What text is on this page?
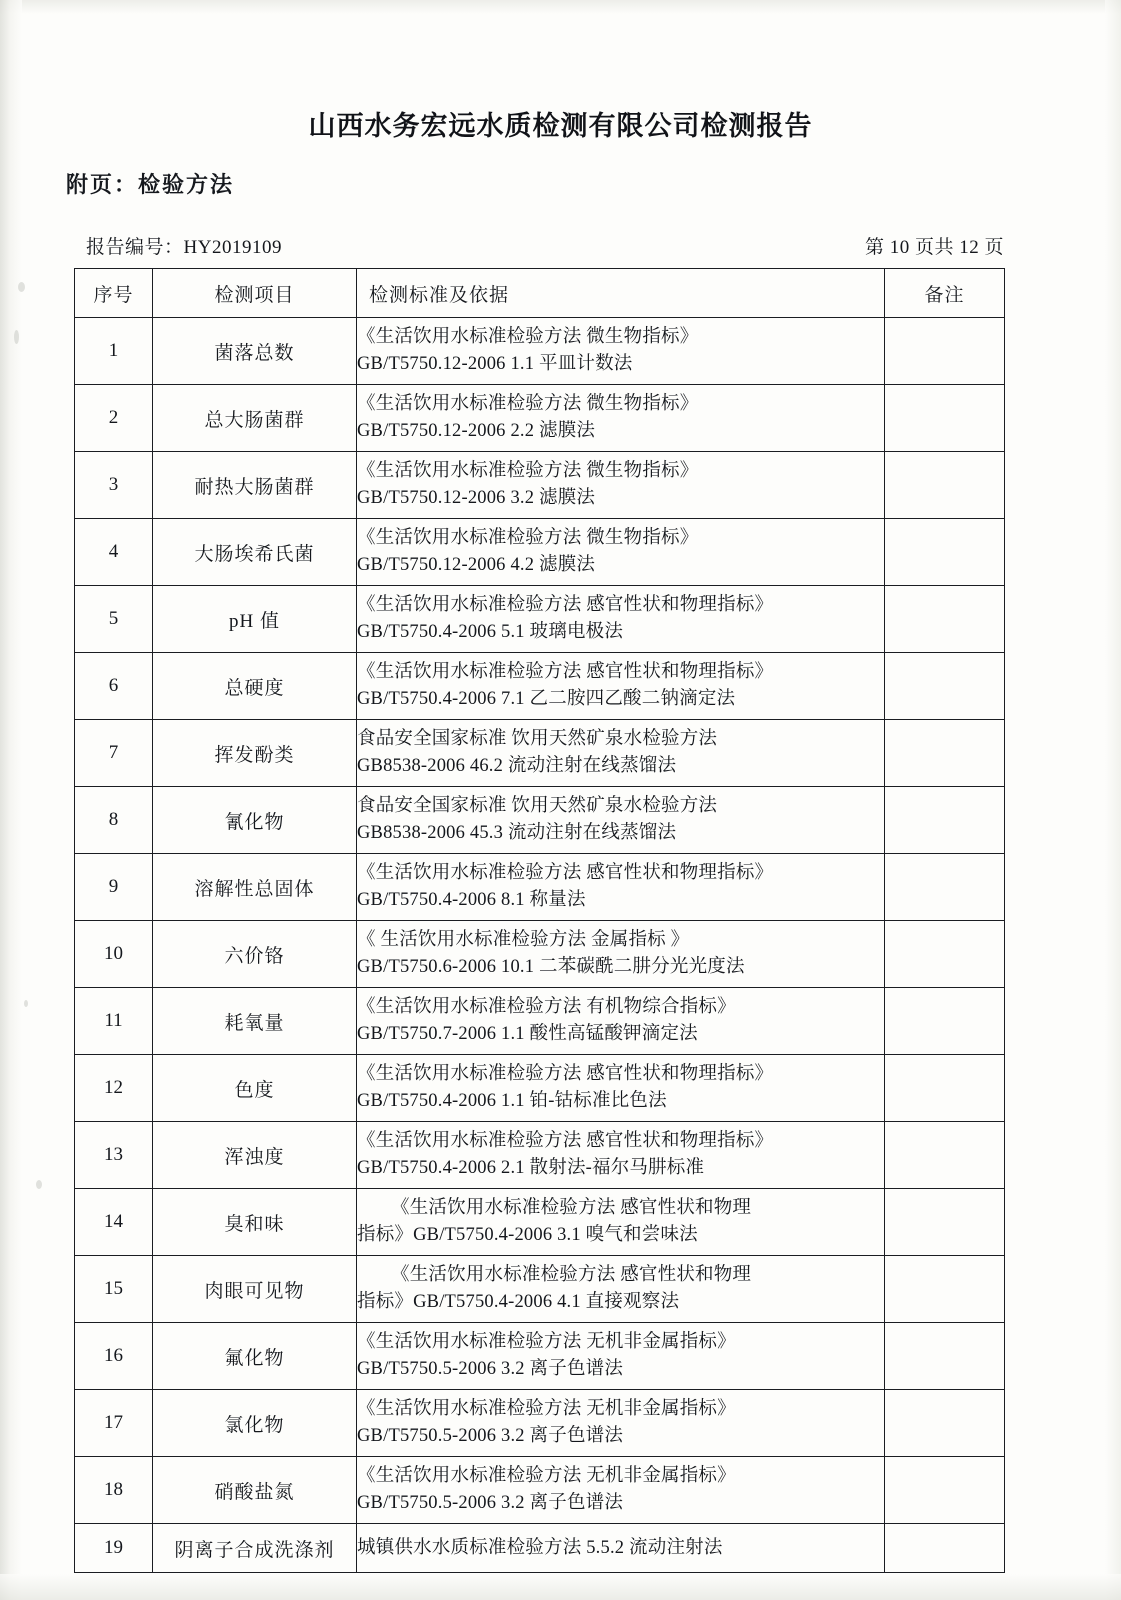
山西水务宏远水质检测有限公司检测报告
附页：检验方法
报告编号：HY2019109	第 10 页共 12 页
序号	检测项目	检测标准及依据	备注
1	菌落总数	《生活饮用水标准检验方法 微生物指标》
GB/T5750.12-2006 1.1 平皿计数法	

2	总大肠菌群	《生活饮用水标准检验方法 微生物指标》
GB/T5750.12-2006 2.2 滤膜法	

3	耐热大肠菌群	《生活饮用水标准检验方法 微生物指标》
GB/T5750.12-2006 3.2 滤膜法	

4	大肠埃希氏菌	《生活饮用水标准检验方法 微生物指标》
GB/T5750.12-2006 4.2 滤膜法	

5	pH 值	《生活饮用水标准检验方法 感官性状和物理指标》
GB/T5750.4-2006 5.1 玻璃电极法	

6	总硬度	《生活饮用水标准检验方法 感官性状和物理指标》
GB/T5750.4-2006 7.1 乙二胺四乙酸二钠滴定法	

7	挥发酚类	食品安全国家标准 饮用天然矿泉水检验方法
GB8538-2006 46.2 流动注射在线蒸馏法	

8	氰化物	食品安全国家标准 饮用天然矿泉水检验方法
GB8538-2006 45.3 流动注射在线蒸馏法	

9	溶解性总固体	《生活饮用水标准检验方法 感官性状和物理指标》
GB/T5750.4-2006 8.1 称量法	

10	六价铬	《 生活饮用水标准检验方法 金属指标 》
GB/T5750.6-2006 10.1 二苯碳酰二肼分光光度法	

11	耗氧量	《生活饮用水标准检验方法 有机物综合指标》
GB/T5750.7-2006 1.1 酸性高锰酸钾滴定法	

12	色度	《生活饮用水标准检验方法 感官性状和物理指标》
GB/T5750.4-2006 1.1 铂-钴标准比色法	

13	浑浊度	《生活饮用水标准检验方法 感官性状和物理指标》
GB/T5750.4-2006 2.1 散射法-福尔马肼标准	

14	臭和味	《生活饮用水标准检验方法 感官性状和物理
指标》GB/T5750.4-2006 3.1 嗅气和尝味法	

15	肉眼可见物	《生活饮用水标准检验方法 感官性状和物理
指标》GB/T5750.4-2006 4.1 直接观察法	

16	氟化物	《生活饮用水标准检验方法 无机非金属指标》
GB/T5750.5-2006 3.2 离子色谱法	

17	氯化物	《生活饮用水标准检验方法 无机非金属指标》
GB/T5750.5-2006 3.2 离子色谱法	

18	硝酸盐氮	《生活饮用水标准检验方法 无机非金属指标》
GB/T5750.5-2006 3.2 离子色谱法	

19	阴离子合成洗涤剂	城镇供水水质标准检验方法 5.5.2 流动注射法	
